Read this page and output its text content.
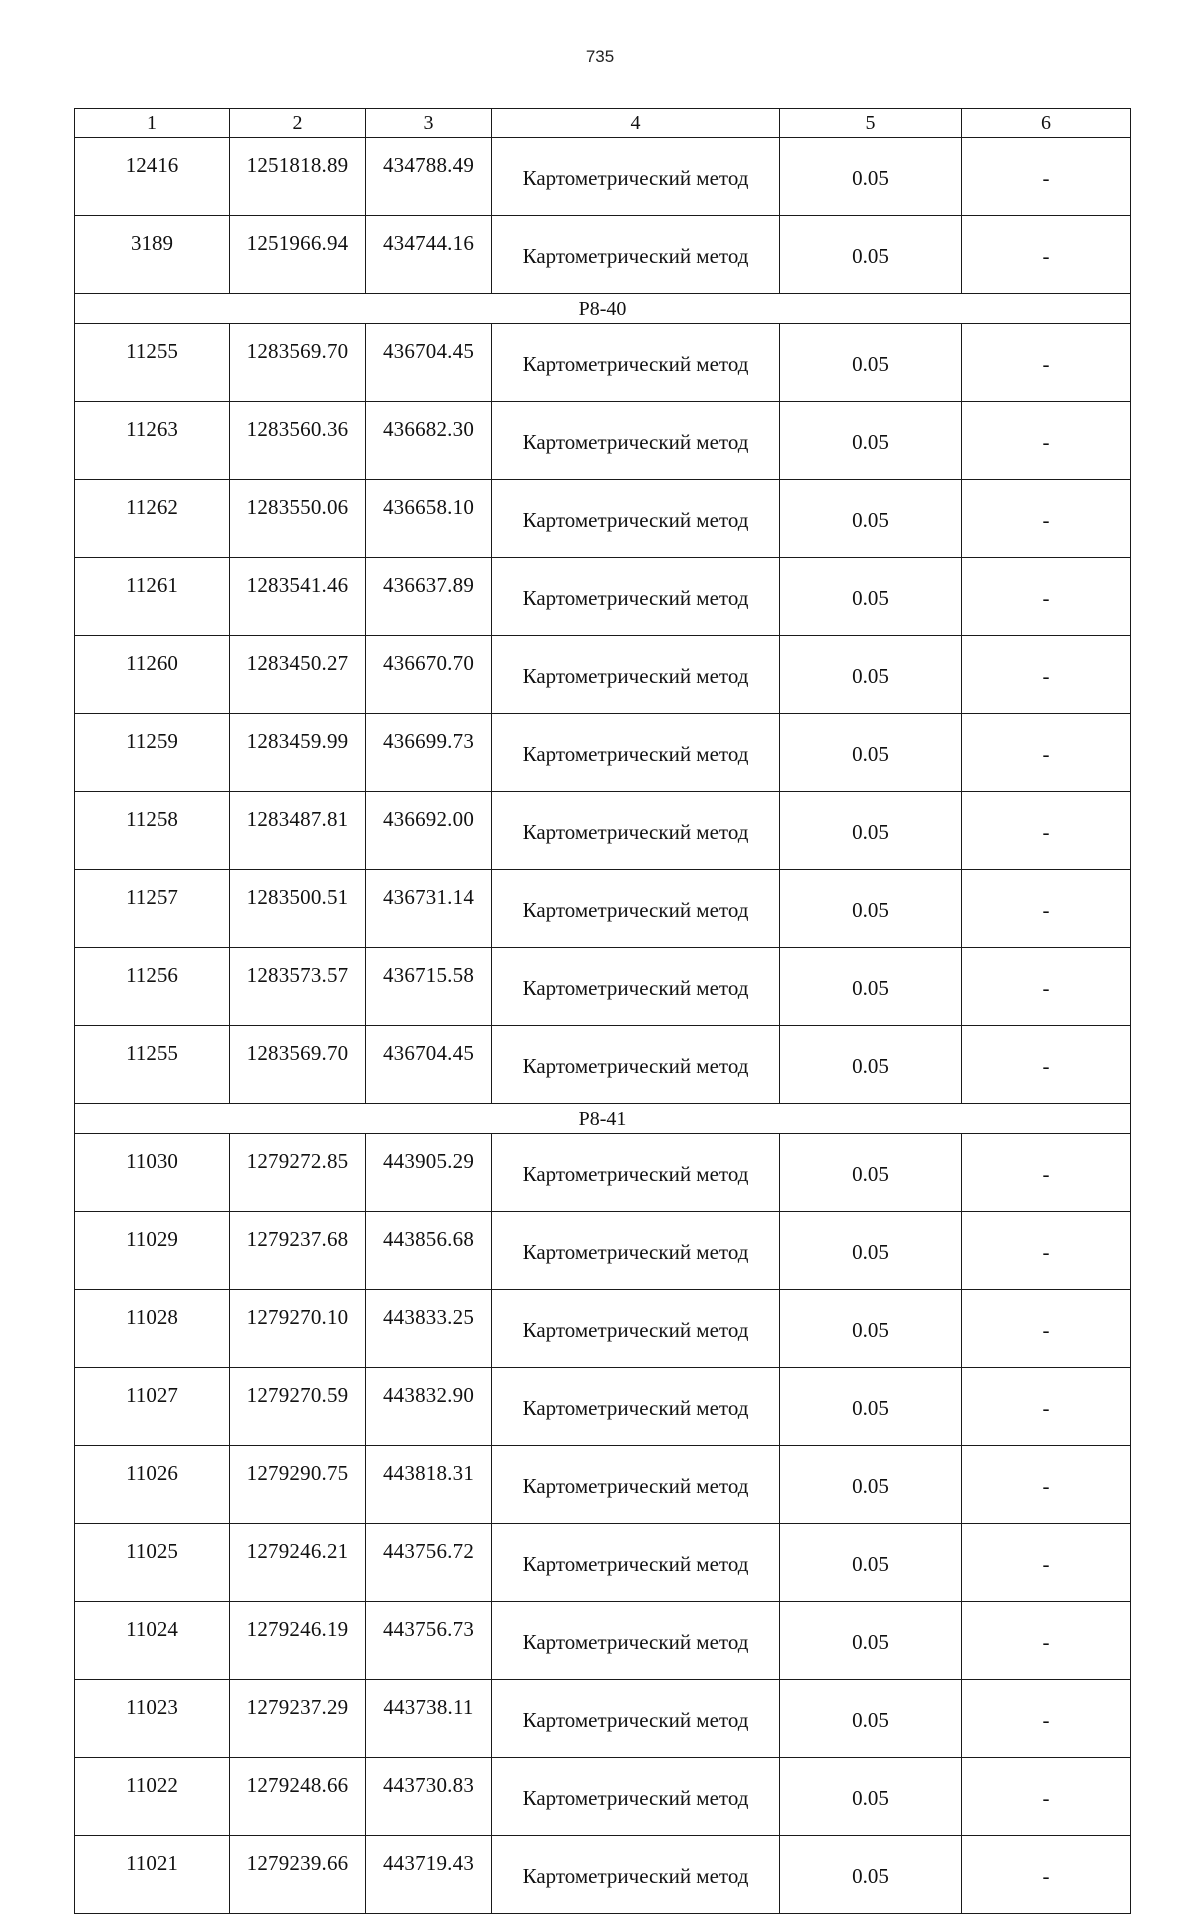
735
1	2	3	4	5	6
12416	1251818.89	434788.49	Картометрический метод	0.05	-
3189	1251966.94	434744.16	Картометрический метод	0.05	-
Р8-40					
11255	1283569.70	436704.45	Картометрический метод	0.05	-
11263	1283560.36	436682.30	Картометрический метод	0.05	-
11262	1283550.06	436658.10	Картометрический метод	0.05	-
11261	1283541.46	436637.89	Картометрический метод	0.05	-
11260	1283450.27	436670.70	Картометрический метод	0.05	-
11259	1283459.99	436699.73	Картометрический метод	0.05	-
11258	1283487.81	436692.00	Картометрический метод	0.05	-
11257	1283500.51	436731.14	Картометрический метод	0.05	-
11256	1283573.57	436715.58	Картометрический метод	0.05	-
11255	1283569.70	436704.45	Картометрический метод	0.05	-
Р8-41					
11030	1279272.85	443905.29	Картометрический метод	0.05	-
11029	1279237.68	443856.68	Картометрический метод	0.05	-
11028	1279270.10	443833.25	Картометрический метод	0.05	-
11027	1279270.59	443832.90	Картометрический метод	0.05	-
11026	1279290.75	443818.31	Картометрический метод	0.05	-
11025	1279246.21	443756.72	Картометрический метод	0.05	-
11024	1279246.19	443756.73	Картометрический метод	0.05	-
11023	1279237.29	443738.11	Картометрический метод	0.05	-
11022	1279248.66	443730.83	Картометрический метод	0.05	-
11021	1279239.66	443719.43	Картометрический метод	0.05	-
